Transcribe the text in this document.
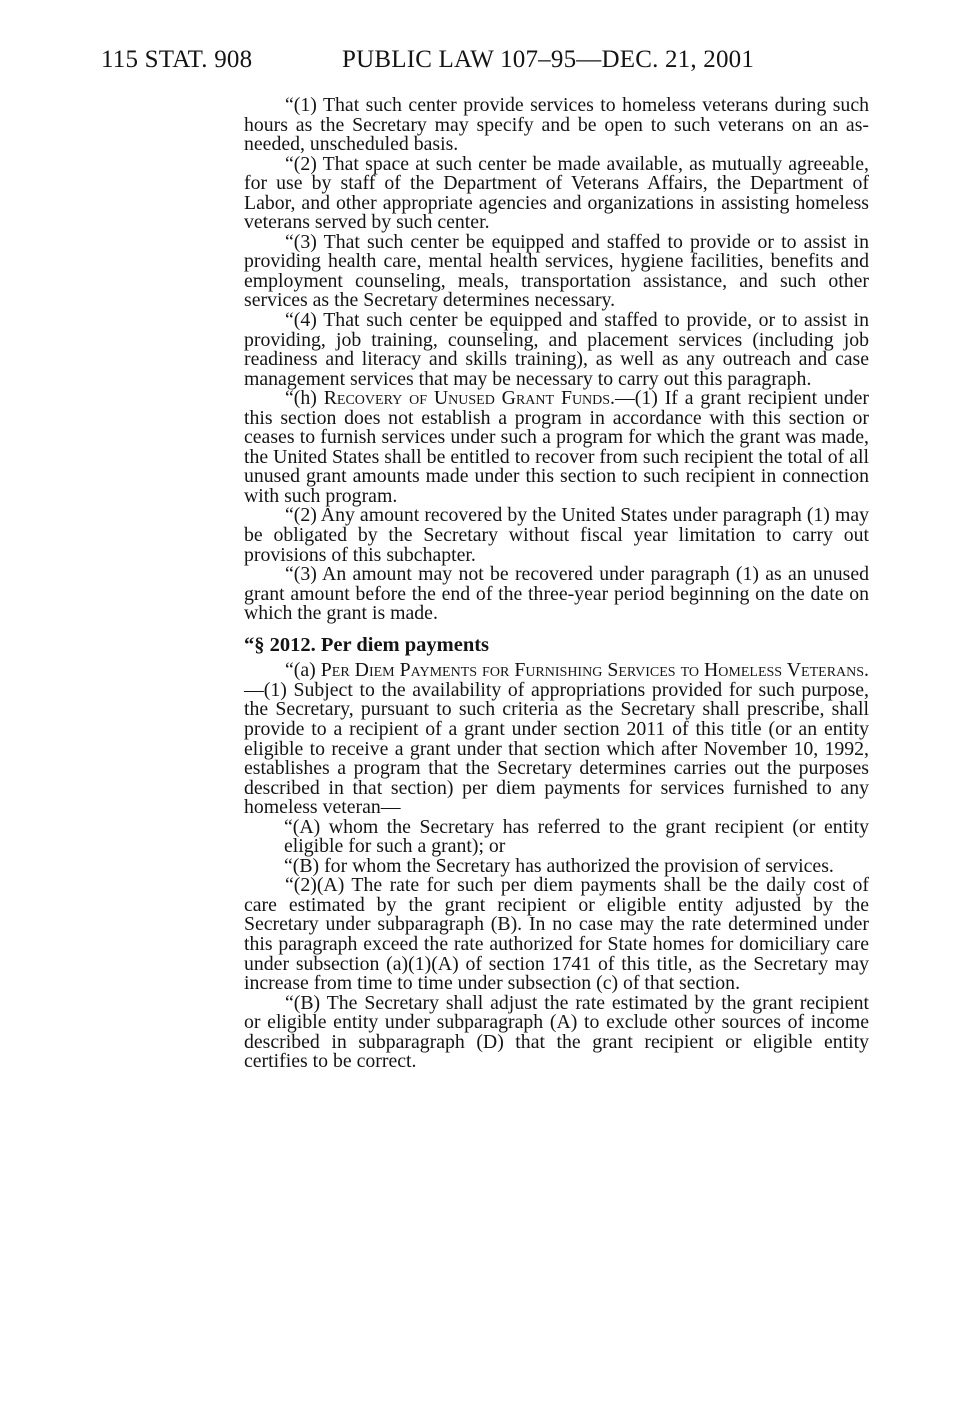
115 STAT. 908	PUBLIC LAW 107–95—DEC. 21, 2001

“(1) That such center provide services to homeless veterans during such hours as the Secretary may specify and be open to such veterans on an as-needed, unscheduled basis.

“(2) That space at such center be made available, as mutually agreeable, for use by staff of the Department of Veterans Affairs, the Department of Labor, and other appropriate agencies and organizations in assisting homeless veterans served by such center.

“(3) That such center be equipped and staffed to provide or to assist in providing health care, mental health services, hygiene facilities, benefits and employment counseling, meals, transportation assistance, and such other services as the Secretary determines necessary.

“(4) That such center be equipped and staffed to provide, or to assist in providing, job training, counseling, and placement services (including job readiness and literacy and skills training), as well as any outreach and case management services that may be necessary to carry out this paragraph.

“(h) Recovery of Unused Grant Funds.—(1) If a grant recipient under this section does not establish a program in accordance with this section or ceases to furnish services under such a program for which the grant was made, the United States shall be entitled to recover from such recipient the total of all unused grant amounts made under this section to such recipient in connection with such program.

“(2) Any amount recovered by the United States under paragraph (1) may be obligated by the Secretary without fiscal year limitation to carry out provisions of this subchapter.

“(3) An amount may not be recovered under paragraph (1) as an unused grant amount before the end of the three-year period beginning on the date on which the grant is made.

“§ 2012. Per diem payments

“(a) Per Diem Payments for Furnishing Services to Homeless Veterans.—(1) Subject to the availability of appropriations provided for such purpose, the Secretary, pursuant to such criteria as the Secretary shall prescribe, shall provide to a recipient of a grant under section 2011 of this title (or an entity eligible to receive a grant under that section which after November 10, 1992, establishes a program that the Secretary determines carries out the purposes described in that section) per diem payments for services furnished to any homeless veteran—

“(A) whom the Secretary has referred to the grant recipient (or entity eligible for such a grant); or

“(B) for whom the Secretary has authorized the provision of services.

“(2)(A) The rate for such per diem payments shall be the daily cost of care estimated by the grant recipient or eligible entity adjusted by the Secretary under subparagraph (B). In no case may the rate determined under this paragraph exceed the rate authorized for State homes for domiciliary care under subsection (a)(1)(A) of section 1741 of this title, as the Secretary may increase from time to time under subsection (c) of that section.

“(B) The Secretary shall adjust the rate estimated by the grant recipient or eligible entity under subparagraph (A) to exclude other sources of income described in subparagraph (D) that the grant recipient or eligible entity certifies to be correct.
